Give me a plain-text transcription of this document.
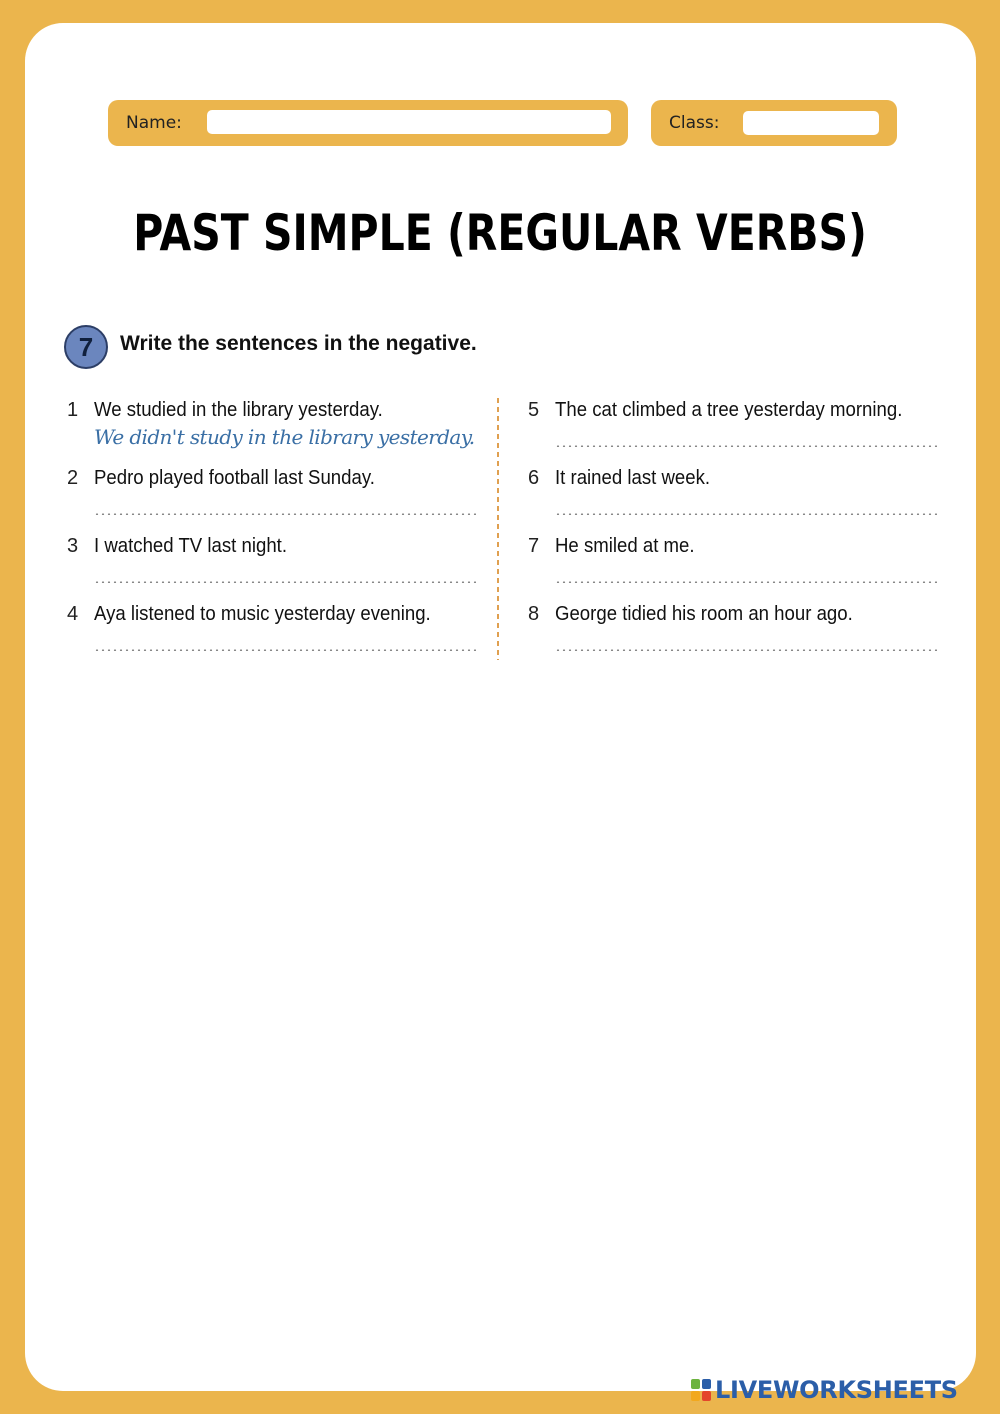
Name:	Class:
PAST SIMPLE (REGULAR VERBS)
7	Write the sentences in the negative.
1 We studied in the library yesterday.
We didn't study in the library yesterday.
2 Pedro played football last Sunday.
3 I watched TV last night.
4 Aya listened to music yesterday evening.
5 The cat climbed a tree yesterday morning.
6 It rained last week.
7 He smiled at me.
8 George tidied his room an hour ago.
LIVEWORKSHEETS
